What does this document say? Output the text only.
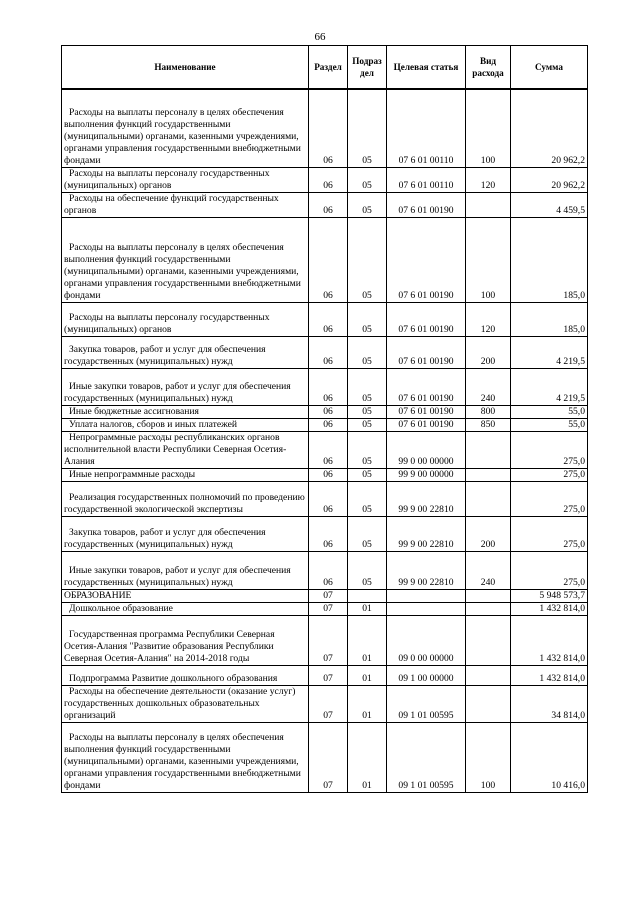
66
Наименование	Раздел	Подраз дел	Целевая статья	Вид расхода	Сумма
Расходы на выплаты персоналу в целях обеспечения выполнения функций государственными (муниципальными) органами, казенными учреждениями, органами управления государственными внебюджетными фондами	06	05	07 6 01 00110	100	20 962,2
Расходы на выплаты персоналу государственных (муниципальных) органов	06	05	07 6 01 00110	120	20 962,2
Расходы на обеспечение функций государственных органов	06	05	07 6 01 00190		4 459,5
Расходы на выплаты персоналу в целях обеспечения выполнения функций государственными (муниципальными) органами, казенными учреждениями, органами управления государственными внебюджетными фондами	06	05	07 6 01 00190	100	185,0
Расходы на выплаты персоналу государственных (муниципальных) органов	06	05	07 6 01 00190	120	185,0
Закупка товаров, работ и услуг для обеспечения государственных (муниципальных) нужд	06	05	07 6 01 00190	200	4 219,5
Иные закупки товаров, работ и услуг для обеспечения государственных (муниципальных) нужд	06	05	07 6 01 00190	240	4 219,5
Иные бюджетные ассигнования	06	05	07 6 01 00190	800	55,0
Уплата налогов, сборов и иных платежей	06	05	07 6 01 00190	850	55,0
Непрограммные расходы республиканских органов исполнительной власти Республики Северная Осетия-Алания	06	05	99 0 00 00000		275,0
Иные непрограммные расходы	06	05	99 9 00 00000		275,0
Реализация государственных полномочий по проведению государственной экологической экспертизы	06	05	99 9 00 22810		275,0
Закупка товаров, работ и услуг для обеспечения государственных (муниципальных) нужд	06	05	99 9 00 22810	200	275,0
Иные закупки товаров, работ и услуг для обеспечения государственных (муниципальных) нужд	06	05	99 9 00 22810	240	275,0
ОБРАЗОВАНИЕ	07				5 948 573,7
Дошкольное образование	07	01			1 432 814,0
Государственная программа Республики Северная Осетия-Алания "Развитие образования Республики Северная Осетия-Алания" на 2014-2018 годы	07	01	09 0 00 00000		1 432 814,0
Подпрограмма Развитие дошкольного образования	07	01	09 1 00 00000		1 432 814,0
Расходы на обеспечение деятельности (оказание услуг) государственных дошкольных образовательных организаций	07	01	09 1 01 00595		34 814,0
Расходы на выплаты персоналу в целях обеспечения выполнения функций государственными (муниципальными) органами, казенными учреждениями, органами управления государственными внебюджетными фондами	07	01	09 1 01 00595	100	10 416,0
